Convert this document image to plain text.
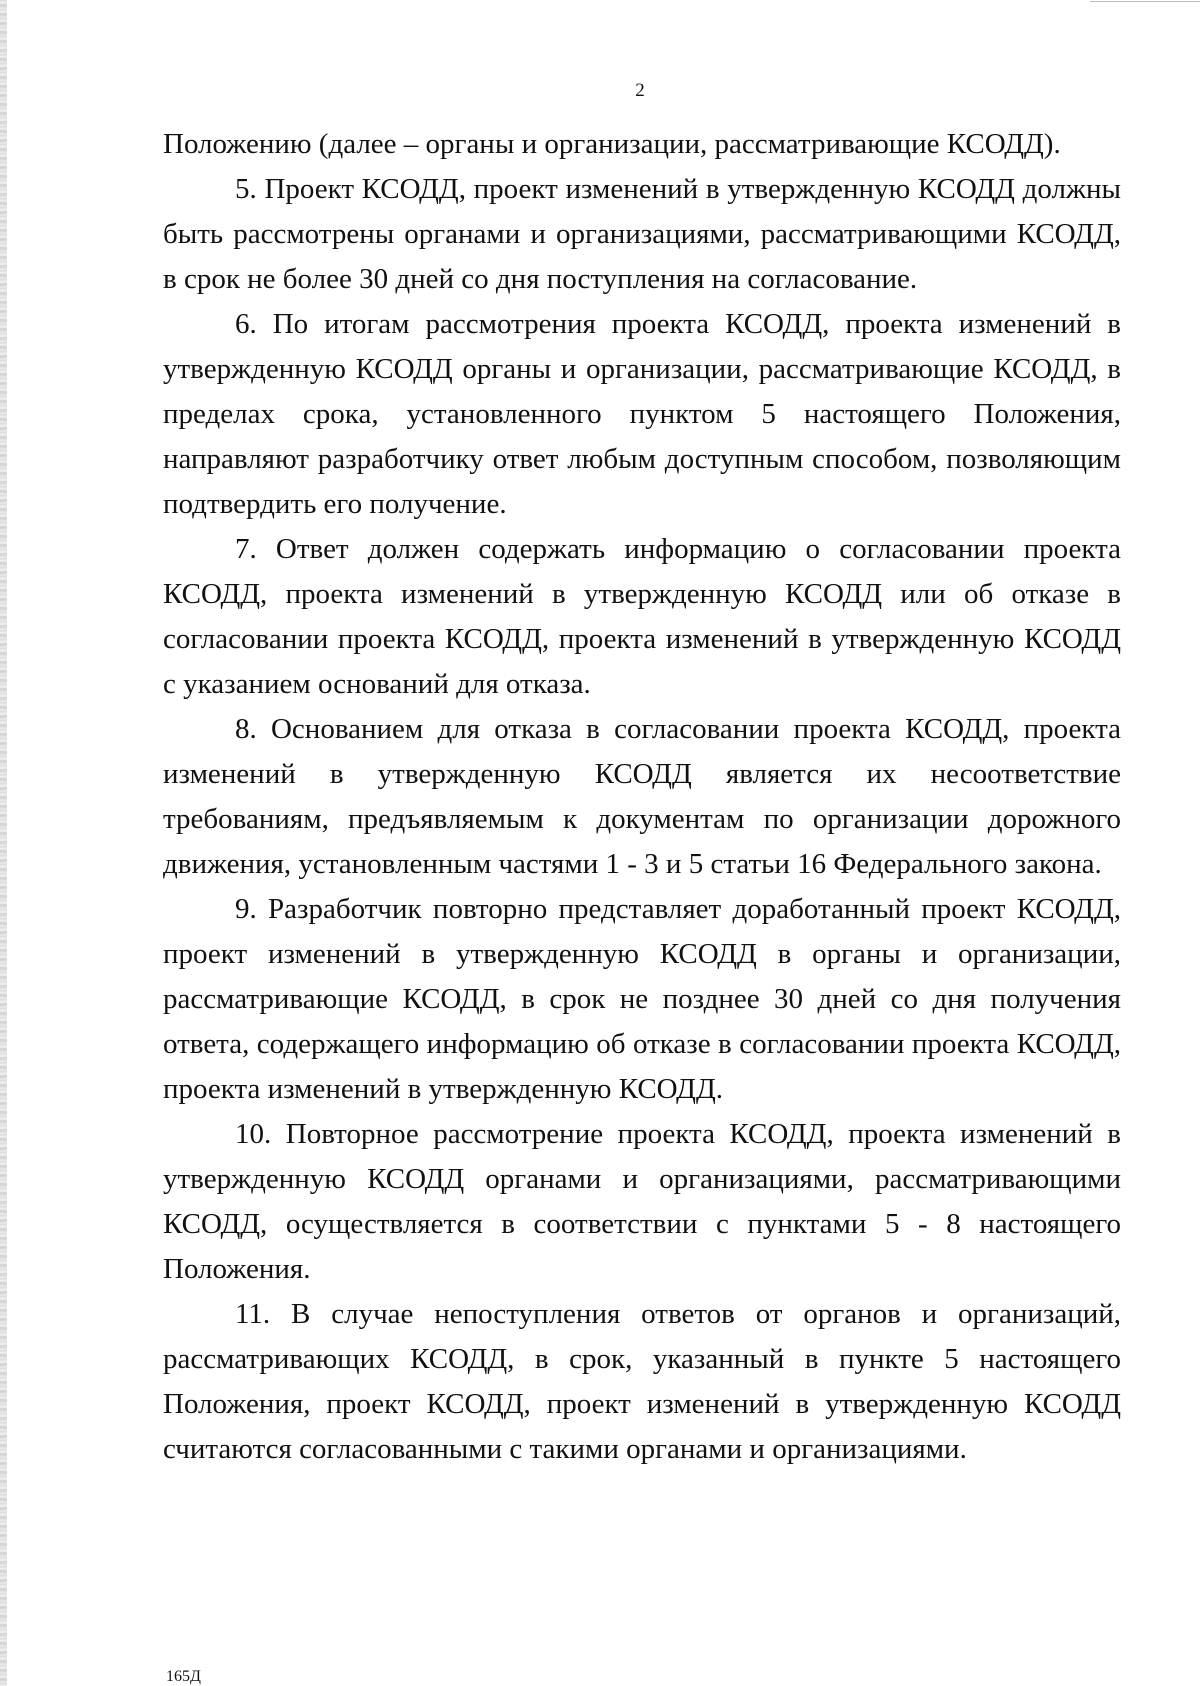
2

Положению (далее – органы и организации, рассматривающие КСОДД).

5. Проект КСОДД, проект изменений в утвержденную КСОДД должны быть рассмотрены органами и организациями, рассматривающими КСОДД, в срок не более 30 дней со дня поступления на согласование.

6. По итогам рассмотрения проекта КСОДД, проекта изменений в утвержденную КСОДД органы и организации, рассматривающие КСОДД, в пределах срока, установленного пунктом 5 настоящего Положения, направляют разработчику ответ любым доступным способом, позволяющим подтвердить его получение.

7. Ответ должен содержать информацию о согласовании проекта КСОДД, проекта изменений в утвержденную КСОДД или об отказе в согласовании проекта КСОДД, проекта изменений в утвержденную КСОДД с указанием оснований для отказа.

8. Основанием для отказа в согласовании проекта КСОДД, проекта изменений в утвержденную КСОДД является их несоответствие требованиям, предъявляемым к документам по организации дорожного движения, установленным частями 1 - 3 и 5 статьи 16 Федерального закона.

9. Разработчик повторно представляет доработанный проект КСОДД, проект изменений в утвержденную КСОДД в органы и организации, рассматривающие КСОДД, в срок не позднее 30 дней со дня получения ответа, содержащего информацию об отказе в согласовании проекта КСОДД, проекта изменений в утвержденную КСОДД.

10. Повторное рассмотрение проекта КСОДД, проекта изменений в утвержденную КСОДД органами и организациями, рассматривающими КСОДД, осуществляется в соответствии с пунктами 5 - 8 настоящего Положения.

11. В случае непоступления ответов от органов и организаций, рассматривающих КСОДД, в срок, указанный в пункте 5 настоящего Положения, проект КСОДД, проект изменений в утвержденную КСОДД считаются согласованными с такими органами и организациями.

165Д
